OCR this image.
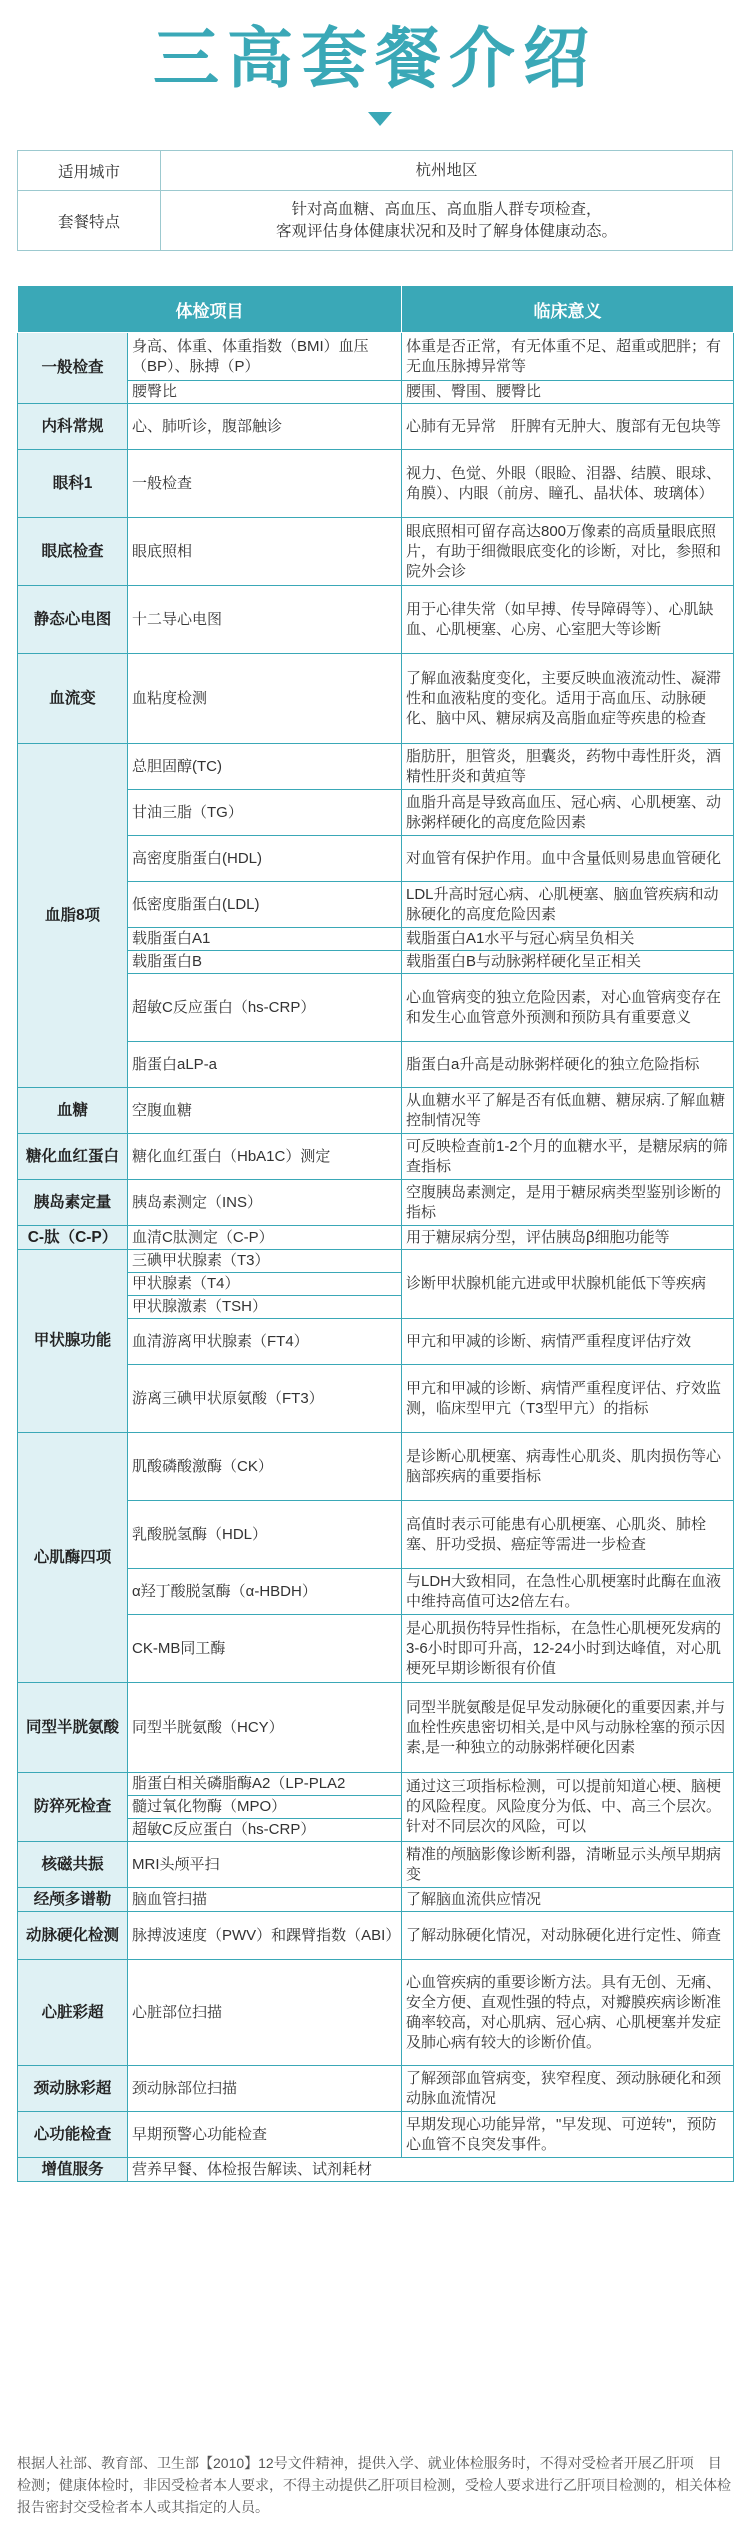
三高套餐介绍
适用城市	杭州地区
套餐特点	针对高血糖、高血压、高血脂人群专项检查，
客观评估身体健康状况和及时了解身体健康动态。
体检项目		临床意义
一般检查	身高、体重、体重指数（BMI）血压（BP）、脉搏（P）	体重是否正常，有无体重不足、超重或肥胖；有无血压脉搏异常等
	腰臀比	腰围、臀围、腰臀比
内科常规	心、肺听诊，腹部触诊	心肺有无异常　肝脾有无肿大、腹部有无包块等
眼科1	一般检查	视力、色觉、外眼（眼睑、泪器、结膜、眼球、角膜）、内眼（前房、瞳孔、晶状体、玻璃体）
眼底检查	眼底照相	眼底照相可留存高达800万像素的高质量眼底照片，有助于细微眼底变化的诊断，对比，参照和院外会诊
静态心电图	十二导心电图	用于心律失常（如早搏、传导障碍等）、心肌缺血、心肌梗塞、心房、心室肥大等诊断
血流变	血粘度检测	了解血液黏度变化，主要反映血液流动性、凝滞性和血液粘度的变化。适用于高血压、动脉硬化、脑中风、糖尿病及高脂血症等疾患的检查
血脂8项	总胆固醇(TC)	脂肪肝，胆管炎，胆囊炎，药物中毒性肝炎，酒精性肝炎和黄疸等
	甘油三脂（TG）	血脂升高是导致高血压、冠心病、心肌梗塞、动脉粥样硬化的高度危险因素
	高密度脂蛋白(HDL)	对血管有保护作用。血中含量低则易患血管硬化
	低密度脂蛋白(LDL)	LDL升高时冠心病、心肌梗塞、脑血管疾病和动脉硬化的高度危险因素
	载脂蛋白A1	载脂蛋白A1水平与冠心病呈负相关
	载脂蛋白B	载脂蛋白B与动脉粥样硬化呈正相关
	超敏C反应蛋白（hs-CRP）	心血管病变的独立危险因素，对心血管病变存在和发生心血管意外预测和预防具有重要意义
	脂蛋白aLP-a	脂蛋白a升高是动脉粥样硬化的独立危险指标
血糖	空腹血糖	从血糖水平了解是否有低血糖、糖尿病.了解血糖控制情况等
糖化血红蛋白	糖化血红蛋白（HbA1C）测定	可反映检查前1-2个月的血糖水平，是糖尿病的筛查指标
胰岛素定量	胰岛素测定（INS）	空腹胰岛素测定，是用于糖尿病类型鉴别诊断的指标
C-肽（C-P）	血清C肽测定（C-P）	用于糖尿病分型，评估胰岛β细胞功能等
甲状腺功能	三碘甲状腺素（T3）	诊断甲状腺机能亢进或甲状腺机能低下等疾病
	甲状腺素（T4）	
	甲状腺激素（TSH）	
	血清游离甲状腺素（FT4）	甲亢和甲减的诊断、病情严重程度评估疗效
	游离三碘甲状原氨酸（FT3）	甲亢和甲减的诊断、病情严重程度评估、疗效监测，临床型甲亢（T3型甲亢）的指标
心肌酶四项	肌酸磷酸激酶（CK）	是诊断心肌梗塞、病毒性心肌炎、肌肉损伤等心脑部疾病的重要指标
	乳酸脱氢酶（HDL）	高值时表示可能患有心肌梗塞、心肌炎、肺栓塞、肝功受损、癌症等需进一步检查
	α羟丁酸脱氢酶（α-HBDH）	与LDH大致相同，在急性心肌梗塞时此酶在血液中维持高值可达2倍左右。
	CK-MB同工酶	是心肌损伤特异性指标，在急性心肌梗死发病的3-6小时即可升高，12-24小时到达峰值，对心肌梗死早期诊断很有价值
同型半胱氨酸	同型半胱氨酸（HCY）	同型半胱氨酸是促早发动脉硬化的重要因素,并与血栓性疾患密切相关,是中风与动脉栓塞的预示因素,是一种独立的动脉粥样硬化因素
防猝死检查	脂蛋白相关磷脂酶A2（LP-PLA2	通过这三项指标检测，可以提前知道心梗、脑梗的风险程度。风险度分为低、中、高三个层次。针对不同层次的风险，可以
	髓过氧化物酶（MPO）	
	超敏C反应蛋白（hs-CRP）	
核磁共振	MRI头颅平扫	精准的颅脑影像诊断利器，清晰显示头颅早期病变
经颅多谱勒	脑血管扫描	了解脑血流供应情况
动脉硬化检测	脉搏波速度（PWV）和踝臂指数（ABI）	了解动脉硬化情况，对动脉硬化进行定性、筛查
心脏彩超	心脏部位扫描	心血管疾病的重要诊断方法。具有无创、无痛、安全方便、直观性强的特点，对瓣膜疾病诊断准确率较高，对心肌病、冠心病、心肌梗塞并发症及肺心病有较大的诊断价值。
颈动脉彩超	颈动脉部位扫描	了解颈部血管病变，狭窄程度、颈动脉硬化和颈动脉血流情况
心功能检查	早期预警心功能检查	早期发现心功能异常，"早发现、可逆转"，预防心血管不良突发事件。
增值服务	营养早餐、体检报告解读、试剂耗材	
根据人社部、教育部、卫生部【2010】12号文件精神，提供入学、就业体检服务时，不得对受检者开展乙肝项　目检测；健康体检时，非因受检者本人要求，不得主动提供乙肝项目检测，受检人要求进行乙肝项目检测的，相关体检报告密封交受检者本人或其指定的人员。
